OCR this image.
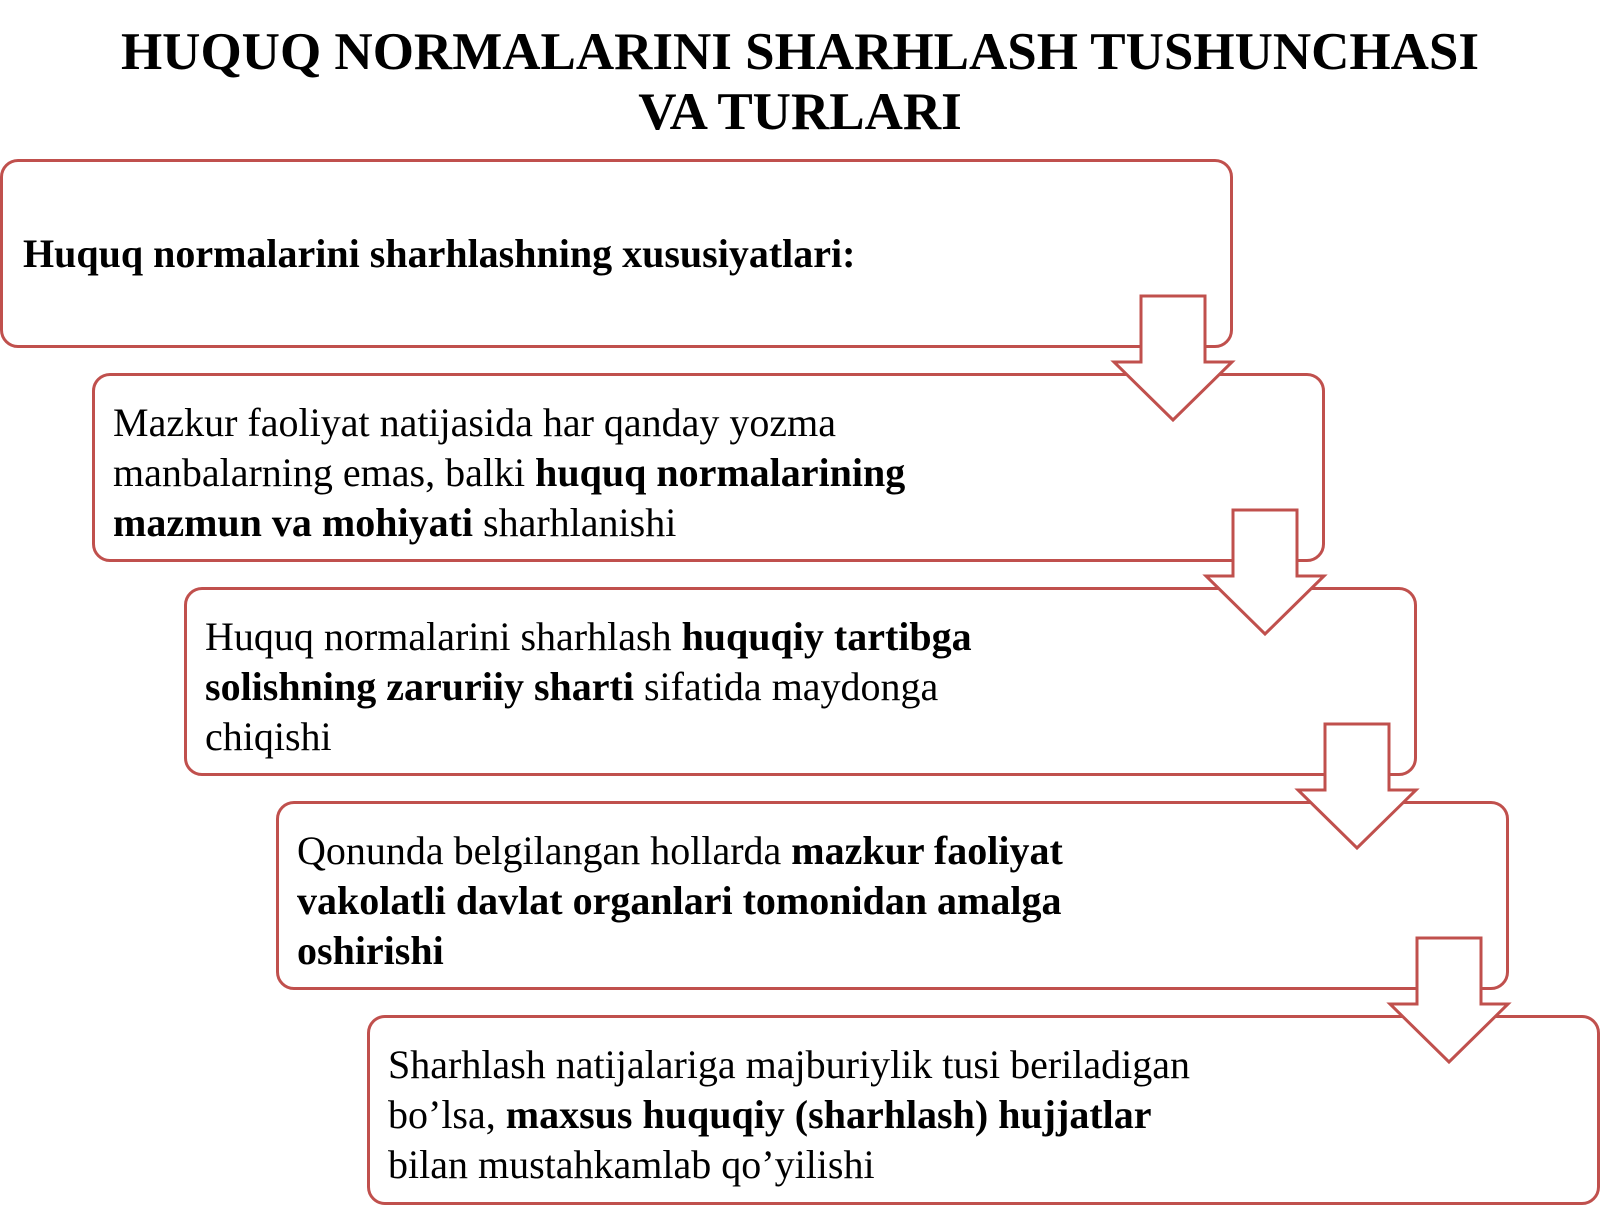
HUQUQ NORMALARINI SHARHLASH TUSHUNCHASI
VA TURLARI
Huquq normalarini sharhlashning xususiyatlari:
Mazkur faoliyat natijasida har qanday yozma
manbalarning emas, balki huquq normalarining
mazmun va mohiyati sharhlanishi
Huquq normalarini sharhlash huquqiy tartibga
solishning zaruriiy sharti sifatida maydonga
chiqishi
Qonunda belgilangan hollarda mazkur faoliyat
vakolatli davlat organlari tomonidan amalga
oshirishi
Sharhlash natijalariga majburiylik tusi beriladigan
bo’lsa, maxsus huquqiy (sharhlash) hujjatlar
bilan mustahkamlab qo’yilishi
